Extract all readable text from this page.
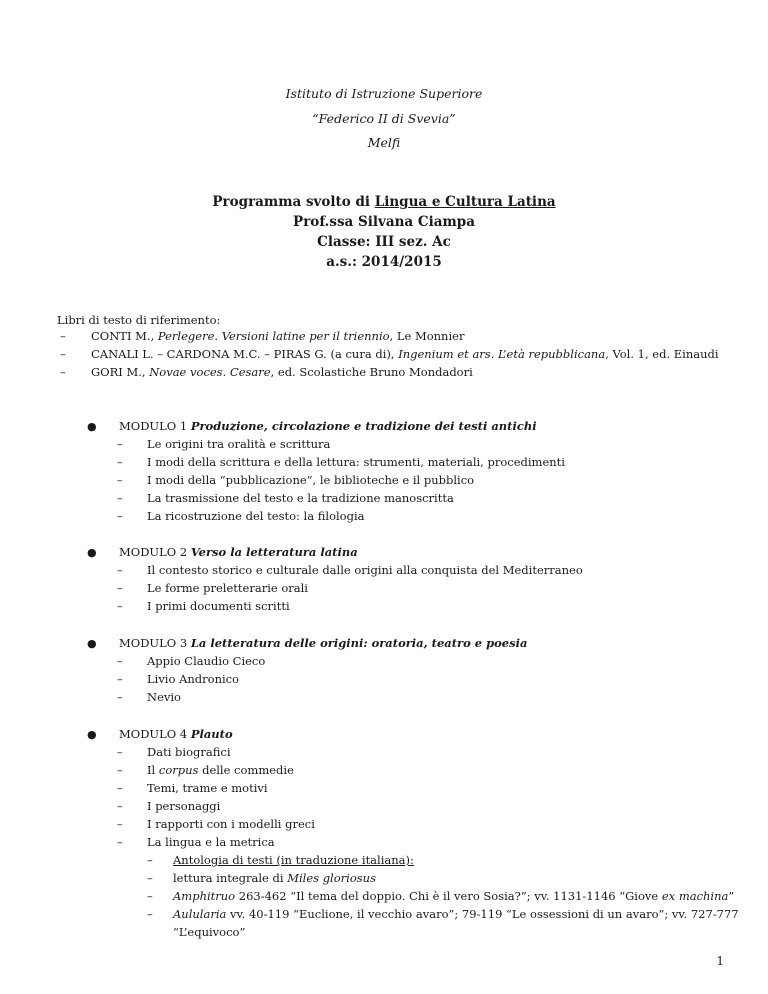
Istituto di Istruzione Superiore
“Federico II di Svevia”
Melfi
Programma svolto di Lingua e Cultura Latina
Prof.ssa Silvana Ciampa
Classe: III sez. Ac
a.s.: 2014/2015
Libri di testo di riferimento:
– CONTI M., Perlegere. Versioni latine per il triennio, Le Monnier
– CANALI L. – CARDONA M.C. – PIRAS G. (a cura di), Ingenium et ars. L’età repubblicana, Vol. 1, ed. Einaudi
– GORI M., Novae voces. Cesare, ed. Scolastiche Bruno Mondadori
● MODULO 1 Produzione, circolazione e tradizione dei testi antichi
– Le origini tra oralità e scrittura
– I modi della scrittura e della lettura: strumenti, materiali, procedimenti
– I modi della “pubblicazione”, le biblioteche e il pubblico
– La trasmissione del testo e la tradizione manoscritta
– La ricostruzione del testo: la filologia
● MODULO 2 Verso la letteratura latina
– Il contesto storico e culturale dalle origini alla conquista del Mediterraneo
– Le forme preletterarie orali
– I primi documenti scritti
● MODULO 3 La letteratura delle origini: oratoria, teatro e poesia
– Appio Claudio Cieco
– Livio Andronico
– Nevio
● MODULO 4 Plauto
– Dati biografici
– Il corpus delle commedie
– Temi, trame e motivi
– I personaggi
– I rapporti con i modelli greci
– La lingua e la metrica
– Antologia di testi (in traduzione italiana):
– lettura integrale di Miles gloriosus
– Amphitruo 263-462 “Il tema del doppio. Chi è il vero Sosia?”; vv. 1131-1146 “Giove ex machina”
– Aulularia vv. 40-119 “Euclione, il vecchio avaro”; 79-119 “Le ossessioni di un avaro”; vv. 727-777
“L’equivoco”
1
